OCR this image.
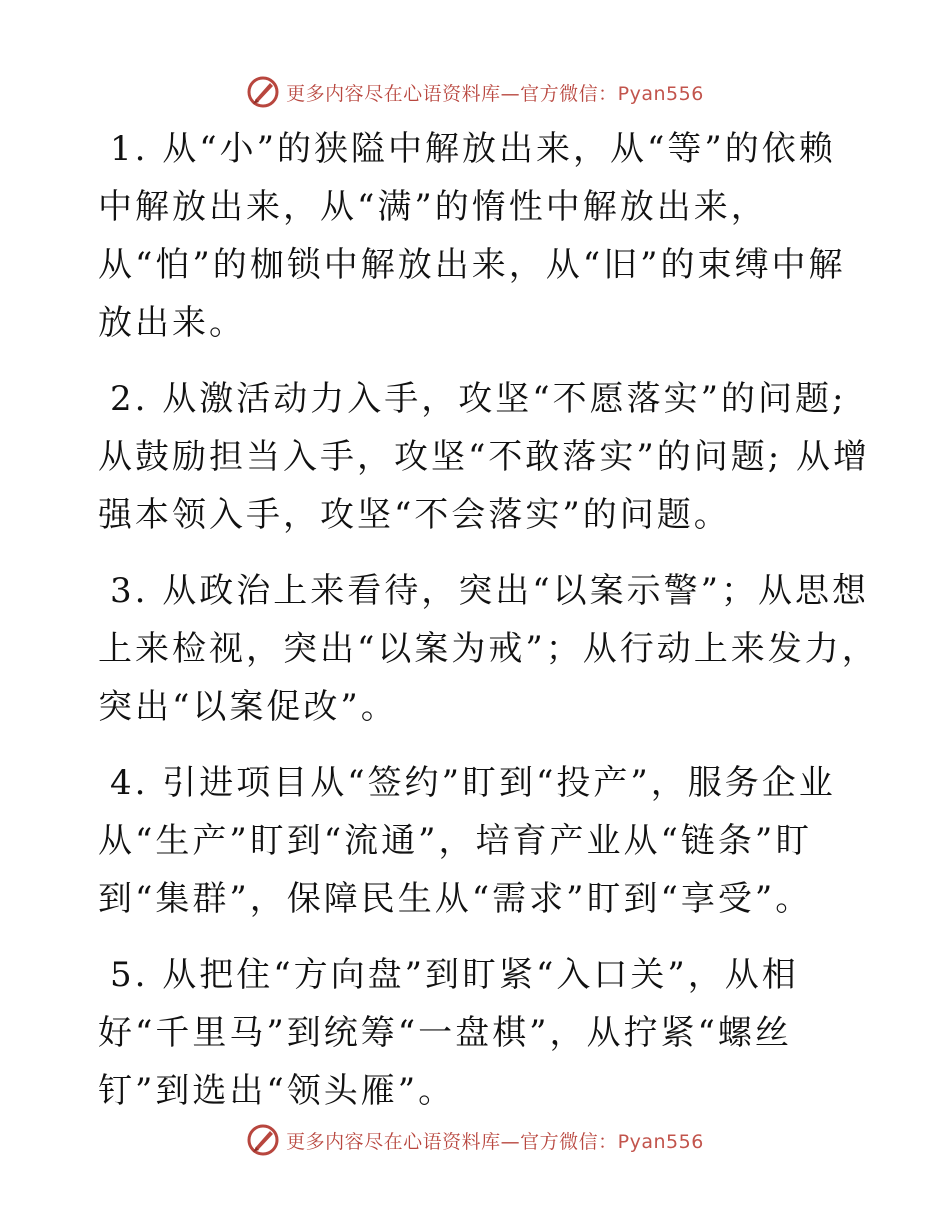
更多内容尽在心语资料库—官方微信：Pyan556

1. 从“小”的狭隘中解放出来，从“等”的依赖
中解放出来，从“满”的惰性中解放出来，
从“怕”的枷锁中解放出来，从“旧”的束缚中解
放出来。

2. 从激活动力入手，攻坚“不愿落实”的问题;
从鼓励担当入手，攻坚“不敢落实”的问题; 从增
强本领入手，攻坚“不会落实”的问题。

3. 从政治上来看待，突出“以案示警”；从思想
上来检视，突出“以案为戒”；从行动上来发力，
突出“以案促改”。

4. 引进项目从“签约”盯到“投产”，服务企业
从“生产”盯到“流通”，培育产业从“链条”盯
到“集群”，保障民生从“需求”盯到“享受”。

5. 从把住“方向盘”到盯紧“入口关”，从相
好“千里马”到统筹“一盘棋”，从拧紧“螺丝
钉”到选出“领头雁”。

更多内容尽在心语资料库—官方微信：Pyan556
